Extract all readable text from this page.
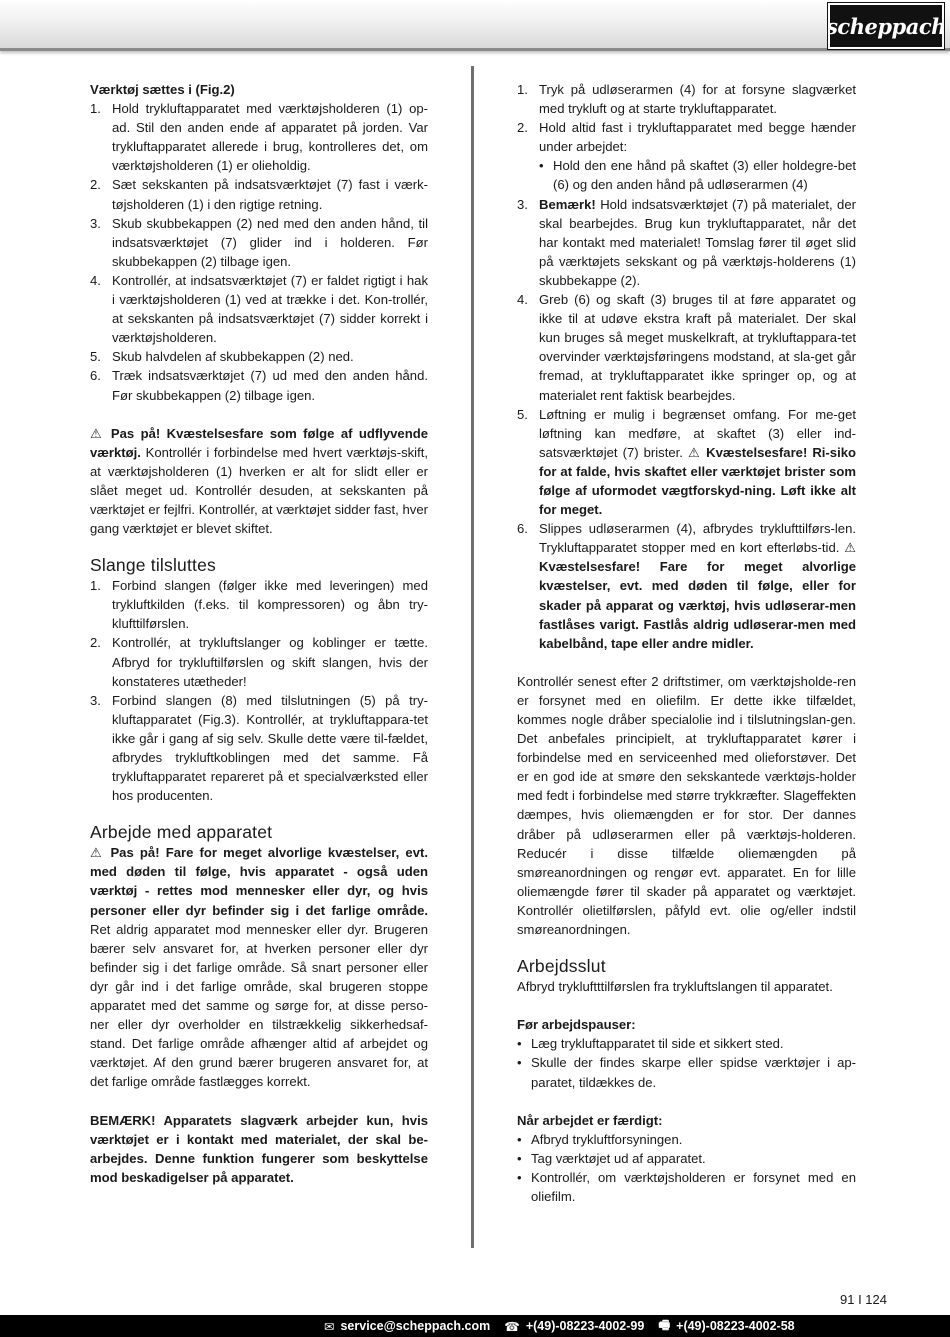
scheppach

Værktøj sættes i (Fig.2)

1. Hold trykluftapparatet med værktøjsholderen (1) op-ad. Stil den anden ende af apparatet på jorden. Var trykluftapparatet allerede i brug, kontrolleres det, om værktøjsholderen (1) er olieholdig.
2. Sæt sekskanten på indsatsværktøjet (7) fast i værk-tøjsholderen (1) i den rigtige retning.
3. Skub skubbekappen (2) ned med den anden hånd, til indsatsværktøjet (7) glider ind i holderen. Før skubbekappen (2) tilbage igen.
4. Kontrollér, at indsatsværktøjet (7) er faldet rigtigt i hak i værktøjsholderen (1) ved at trække i det. Kon-trollér, at sekskanten på indsatsværktøjet (7) sidder korrekt i værktøjsholderen.
5. Skub halvdelen af skubbekappen (2) ned.
6. Træk indsatsværktøjet (7) ud med den anden hånd. Før skubbekappen (2) tilbage igen.

⚠ Pas på! Kvæstelsesfare som følge af udflyvende værktøj. Kontrollér i forbindelse med hvert værktøjs-skift, at værktøjsholderen (1) hverken er alt for slidt eller er slået meget ud. Kontrollér desuden, at sekskanten på værktøjet er fejlfri. Kontrollér, at værktøjet sidder fast, hver gang værktøjet er blevet skiftet.

Slange tilsluttes
1. Forbind slangen (følger ikke med leveringen) med trykluftkilden (f.eks. til kompressoren) og åbn try-klufttilførslen.
2. Kontrollér, at trykluftslanger og koblinger er tætte. Afbryd for trykluftilførslen og skift slangen, hvis der konstateres utætheder!
3. Forbind slangen (8) med tilslutningen (5) på try-kluftapparatet (Fig.3). Kontrollér, at trykluftappara-tet ikke går i gang af sig selv. Skulle dette være til-fældet, afbrydes trykluftkoblingen med det samme. Få trykluftapparatet repareret på et specialværksted eller hos producenten.
Arbejde med apparatet

⚠ Pas på! Fare for meget alvorlige kvæstelser, evt. med døden til følge, hvis apparatet - også uden værktøj - rettes mod mennesker eller dyr, og hvis personer eller dyr befinder sig i det farlige område. Ret aldrig apparatet mod mennesker eller dyr. Brugeren bærer selv ansvaret for, at hverken personer eller dyr befinder sig i det farlige område. Så snart personer eller dyr går ind i det farlige område, skal brugeren stoppe apparatet med det samme og sørge for, at disse perso-ner eller dyr overholder en tilstrækkelig sikkerhedsaf-stand. Det farlige område afhænger altid af arbejdet og værktøjet. Af den grund bærer brugeren ansvaret for, at det farlige område fastlægges korrekt.

BEMÆRK! Apparatets slagværk arbejder kun, hvis værktøjet er i kontakt med materialet, der skal be-arbejdes. Denne funktion fungerer som beskyttelse mod beskadigelser på apparatet.

1. Tryk på udløserarmen (4) for at forsyne slagværket med trykluft og at starte trykluftapparatet.
2. Hold altid fast i trykluftapparatet med begge hænder under arbejdet:
• Hold den ene hånd på skaftet (3) eller holdegre-bet (6) og den anden hånd på udløserarmen (4)
3. Bemærk! Hold indsatsværktøjet (7) på materialet, der skal bearbejdes. Brug kun trykluftapparatet, når det har kontakt med materialet! Tomslag fører til øget slid på værktøjets sekskant og på værktøjs-holderens (1) skubbekappe (2).
4. Greb (6) og skaft (3) bruges til at føre apparatet og ikke til at udøve ekstra kraft på materialet. Der skal kun bruges så meget muskelkraft, at trykluftappara-tet overvinder værktøjsføringens modstand, at sla-get går fremad, at trykluftapparatet ikke springer op, og at materialet rent faktisk bearbejdes.
5. Løftning er mulig i begrænset omfang. For me-get løftning kan medføre, at skaftet (3) eller ind-satsværktøjet (7) brister. ⚠ Kvæstelsesfare! Ri-siko for at falde, hvis skaftet eller værktøjet brister som følge af uformodet vægtforskyd-ning. Løft ikke alt for meget.
6. Slippes udløserarmen (4), afbrydes tryklufttilførs-len. Trykluftapparatet stopper med en kort efterløbs-tid. ⚠ Kvæstelsesfare! Fare for meget alvorlige kvæstelser, evt. med døden til følge, eller for skader på apparat og værktøj, hvis udløserar-men fastlåses varigt. Fastlås aldrig udløserar-men med kabelbånd, tape eller andre midler.

Kontrollér senest efter 2 driftstimer, om værktøjsholde-ren er forsynet med en oliefilm. Er dette ikke tilfældet, kommes nogle dråber specialolie ind i tilslutningslan-gen. Det anbefales principielt, at trykluftapparatet kører i forbindelse med en serviceenhed med olieforstøver. Det er en god ide at smøre den sekskantede værktøjs-holder med fedt i forbindelse med større trykkræfter. Slageffekten dæmpes, hvis oliemængden er for stor. Der dannes dråber på udløserarmen eller på værktøjs-holderen. Reducér i disse tilfælde oliemængden på smøreanordningen og rengør evt. apparatet. En for lille oliemængde fører til skader på apparatet og værktøjet. Kontrollér olietilførslen, påfyld evt. olie og/eller indstil smøreanordningen.

Arbejdsslut

Afbryd trykluftttilførslen fra trykluftslangen til apparatet.

Før arbejdspauser:

• Læg trykluftapparatet til side et sikkert sted.
• Skulle der findes skarpe eller spidse værktøjer i ap-paratet, tildækkes de.

Når arbejdet er færdigt:

• Afbryd trykluftforsyningen.
• Tag værktøjet ud af apparatet.
• Kontrollér, om værktøjsholderen er forsynet med en oliefilm.
91 I 124
✉ service@scheppach.com ☎ +(49)-08223-4002-99 🖷 +(49)-08223-4002-58
